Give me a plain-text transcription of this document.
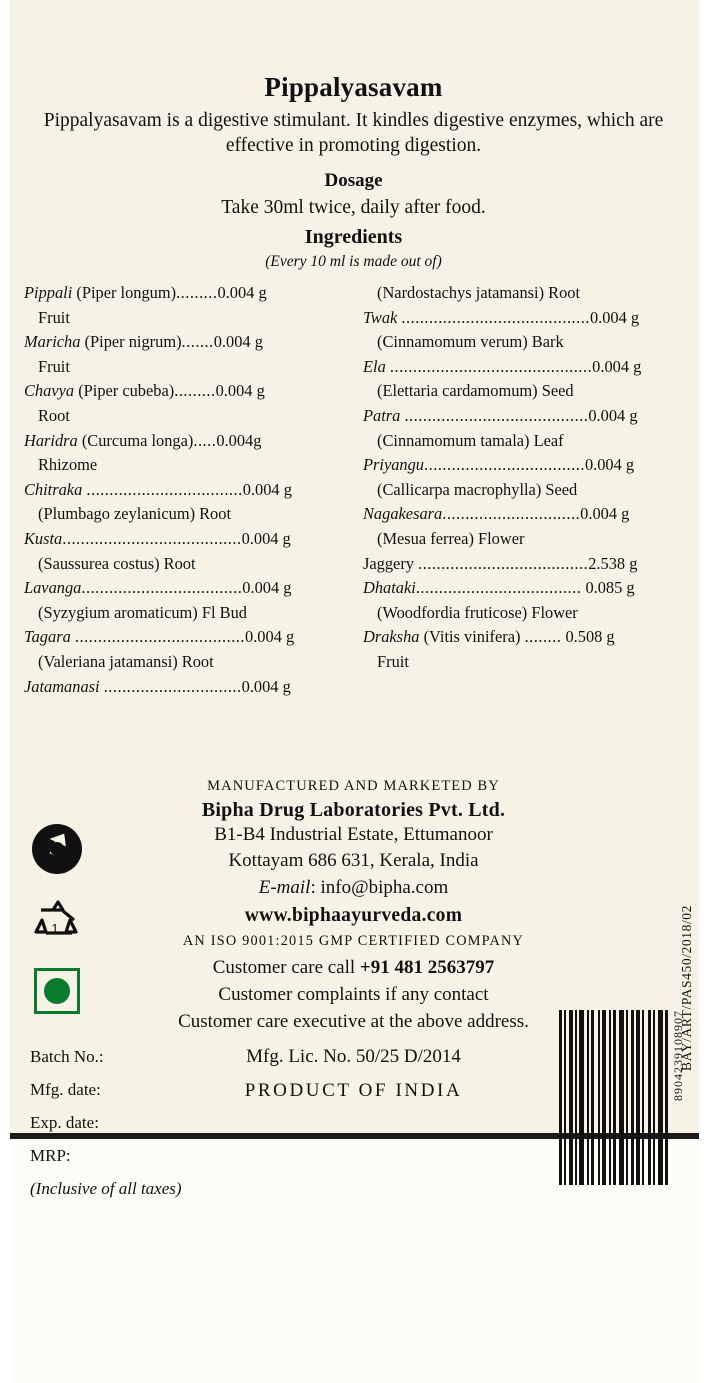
Pippalyasavam
Pippalyasavam is a digestive stimulant. It kindles digestive enzymes, which are effective in promoting digestion.
Dosage
Take 30ml twice, daily after food.
Ingredients
(Every 10 ml is made out of)
Pippali (Piper longum).........0.004 g
Fruit
Maricha (Piper nigrum).......0.004 g
Fruit
Chavya (Piper cubeba).........0.004 g
Root
Haridra (Curcuma longa).....0.004g
Rhizome
Chitraka ..................................0.004 g
(Plumbago zeylanicum) Root
Kusta.......................................0.004 g
(Saussurea costus) Root
Lavanga...................................0.004 g
(Syzygium aromaticum) Fl Bud
Tagara .....................................0.004 g
(Valeriana jatamansi) Root
Jatamanasi ..............................0.004 g
(Nardostachys jatamansi) Root
Twak .........................................0.004 g
(Cinnamomum verum) Bark
Ela ............................................0.004 g
(Elettaria cardamomum) Seed
Patra ........................................0.004 g
(Cinnamomum tamala) Leaf
Priyangu...................................0.004 g
(Callicarpa macrophylla) Seed
Nagakesara..............................0.004 g
(Mesua ferrea) Flower
Jaggery .....................................2.538 g
Dhataki.................................... 0.085 g
(Woodfordia fruticose) Flower
Draksha (Vitis vinifera) ........ 0.508 g
Fruit
1
MANUFACTURED AND MARKETED BY
Bipha Drug Laboratories Pvt. Ltd.
B1-B4 Industrial Estate, Ettumanoor
Kottayam 686 631, Kerala, India
E-mail: info@bipha.com
www.biphaayurveda.com
AN ISO 9001:2015 GMP CERTIFIED COMPANY
Customer care call +91 481 2563797
Customer complaints if any contact
Customer care executive at the above address.
Mfg. Lic. No. 50/25 D/2014
PRODUCT OF INDIA
BAY/ART/PAS450/2018/02
Batch No.:
Mfg. date:
Exp. date:
MRP:
(Inclusive of all taxes)
8904239108907
